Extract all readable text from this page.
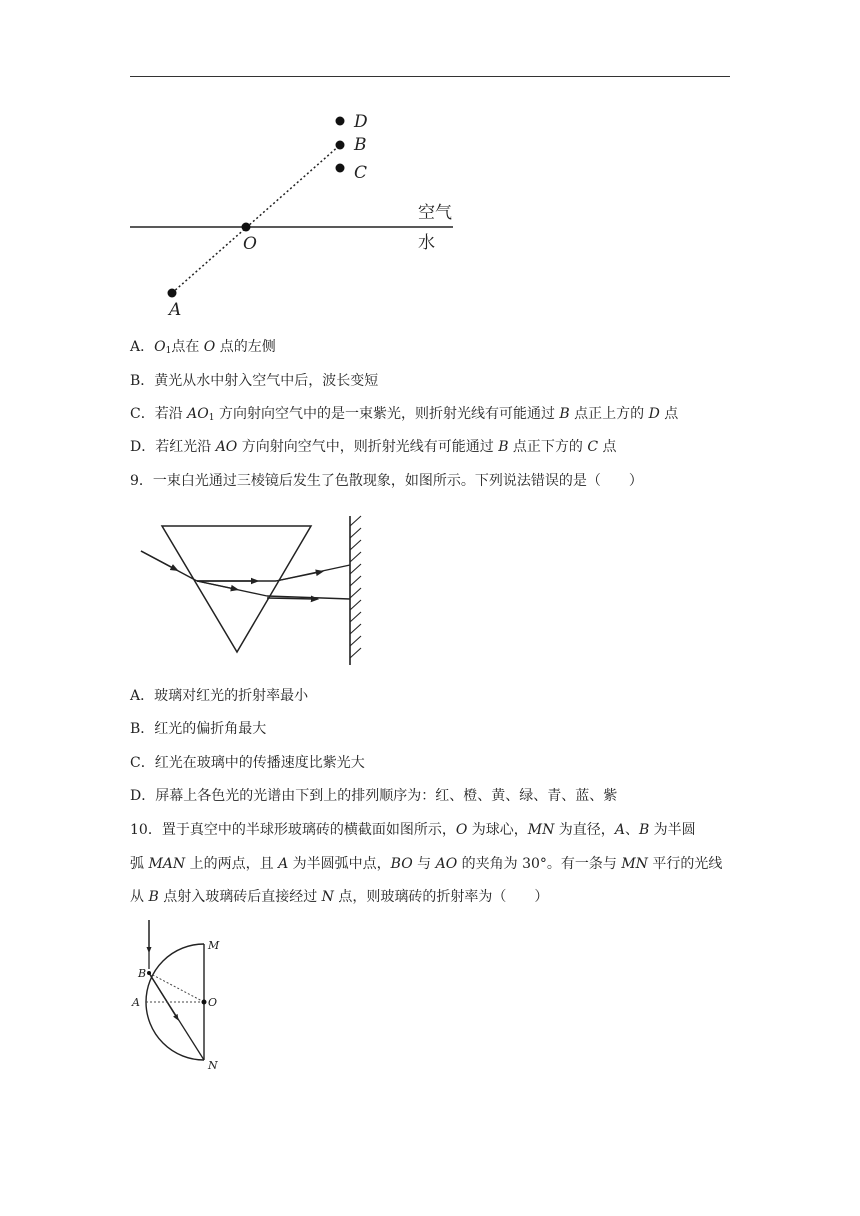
D
B
C
O
A
空气
水
A．$O_1$点在 O 点的左侧
B．黄光从水中射入空气中后，波长变短
C．若沿 $AO_1$ 方向射向空气中的是一束紫光，则折射光线有可能通过 B 点正上方的 D 点
D．若红光沿 AO 方向射向空气中，则折射光线有可能通过 B 点正下方的 C 点
9．一束白光通过三棱镜后发生了色散现象，如图所示。下列说法错误的是（　　）
A．玻璃对红光的折射率最小
B．红光的偏折角最大
C．红光在玻璃中的传播速度比紫光大
D．屏幕上各色光的光谱由下到上的排列顺序为：红、橙、黄、绿、青、蓝、紫
10．置于真空中的半球形玻璃砖的横截面如图所示，O 为球心，MN 为直径，A、B 为半圆
弧 MAN 上的两点，且 A 为半圆弧中点，BO 与 AO 的夹角为 30°。有一条与 MN 平行的光线
从 B 点射入玻璃砖后直接经过 N 点，则玻璃砖的折射率为（　　）
M
B
A	O
N
